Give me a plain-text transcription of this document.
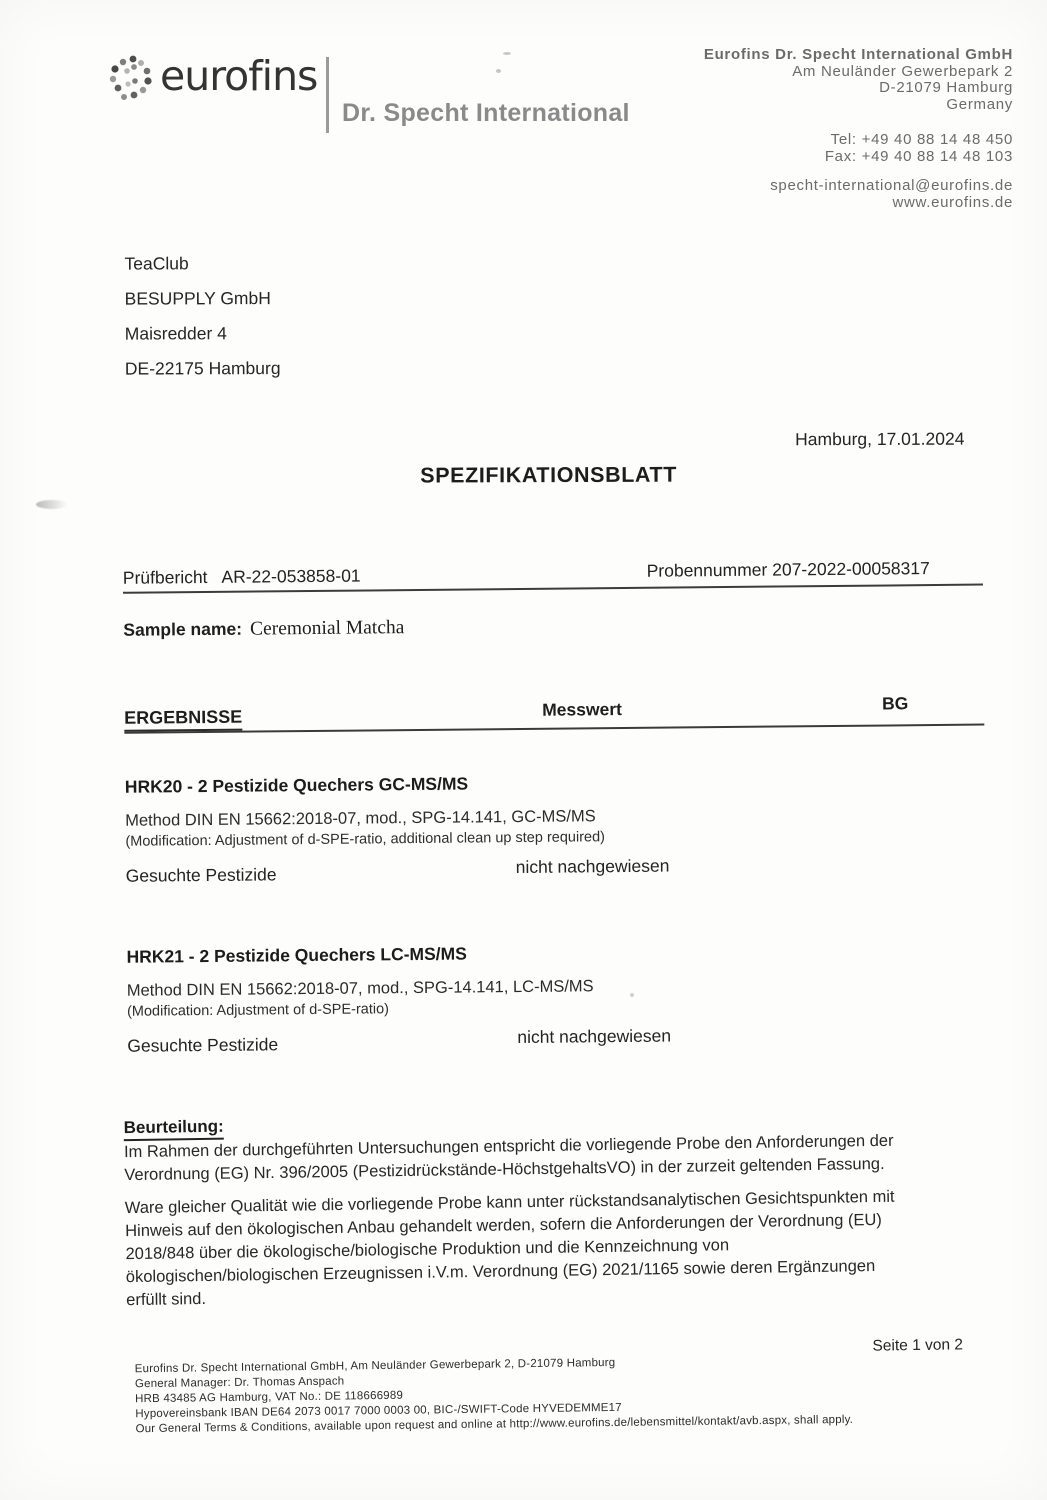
eurofins
Dr. Specht International
Eurofins Dr. Specht International GmbH
Am Neuländer Gewerbepark 2
D-21079 Hamburg
Germany
Tel: +49 40 88 14 48 450
Fax: +49 40 88 14 48 103
specht-international@eurofins.de
www.eurofins.de
TeaClub
BESUPPLY GmbH
Maisredder 4
DE-22175 Hamburg
Hamburg, 17.01.2024
SPEZIFIKATIONSBLATT
Prüfbericht AR-22-053858-01	Probennummer 207-2022-00058317
Sample name: Ceremonial Matcha
ERGEBNISSE	Messwert	BG

HRK20 - 2 Pestizide Quechers GC-MS/MS

Method DIN EN 15662:2018-07, mod., SPG-14.141, GC-MS/MS

(Modification: Adjustment of d-SPE-ratio, additional clean up step required)

Gesuchte Pestizide	nicht nachgewiesen

HRK21 - 2 Pestizide Quechers LC-MS/MS

Method DIN EN 15662:2018-07, mod., SPG-14.141, LC-MS/MS

(Modification: Adjustment of d-SPE-ratio)

Gesuchte Pestizide	nicht nachgewiesen
Beurteilung:
Im Rahmen der durchgeführten Untersuchungen entspricht die vorliegende Probe den Anforderungen der
Verordnung (EG) Nr. 396/2005 (Pestizidrückstände-HöchstgehaltsVO) in der zurzeit geltenden Fassung.
Ware gleicher Qualität wie die vorliegende Probe kann unter rückstandsanalytischen Gesichtspunkten mit
Hinweis auf den ökologischen Anbau gehandelt werden, sofern die Anforderungen der Verordnung (EU)
2018/848 über die ökologische/biologische Produktion und die Kennzeichnung von
ökologischen/biologischen Erzeugnissen i.V.m. Verordnung (EG) 2021/1165 sowie deren Ergänzungen
erfüllt sind.
Seite 1 von 2
Eurofins Dr. Specht International GmbH, Am Neuländer Gewerbepark 2, D-21079 Hamburg
General Manager: Dr. Thomas Anspach
HRB 43485 AG Hamburg, VAT No.: DE 118666989
Hypovereinsbank IBAN DE64 2073 0017 7000 0003 00, BIC-/SWIFT-Code HYVEDEMME17
Our General Terms & Conditions, available upon request and online at http://www.eurofins.de/lebensmittel/kontakt/avb.aspx, shall apply.
